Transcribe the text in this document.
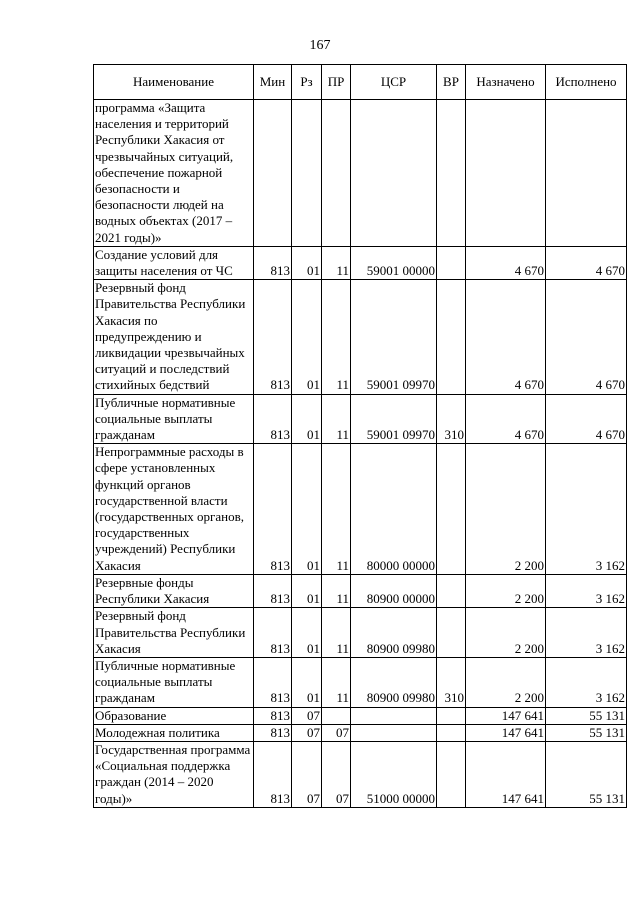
167
Наименование	Мин	Рз	ПР	ЦСР	ВР	Назначено	Исполнено
программа «Защита населения и территорий Республики Хакасия от чрезвычайных ситуаций, обеспечение пожарной безопасности и безопасности людей на водных объектах (2017 – 2021 годы)»							
Создание условий для защиты населения от ЧС	813	01	11	59001 00000		4 670	4 670
Резервный фонд Правительства Республики Хакасия по предупреждению и ликвидации чрезвычайных ситуаций и последствий стихийных бедствий	813	01	11	59001 09970		4 670	4 670
Публичные нормативные социальные выплаты гражданам	813	01	11	59001 09970	310	4 670	4 670
Непрограммные расходы в сфере установленных функций органов государственной власти (государственных органов, государственных учреждений) Республики Хакасия	813	01	11	80000 00000		2 200	3 162
Резервные фонды Республики Хакасия	813	01	11	80900 00000		2 200	3 162
Резервный фонд Правительства Республики Хакасия	813	01	11	80900 09980		2 200	3 162
Публичные нормативные социальные выплаты гражданам	813	01	11	80900 09980	310	2 200	3 162
Образование	813	07				147 641	55 131
Молодежная политика	813	07	07			147 641	55 131
Государственная программа «Социальная поддержка граждан (2014 – 2020 годы)»	813	07	07	51000 00000		147 641	55 131
